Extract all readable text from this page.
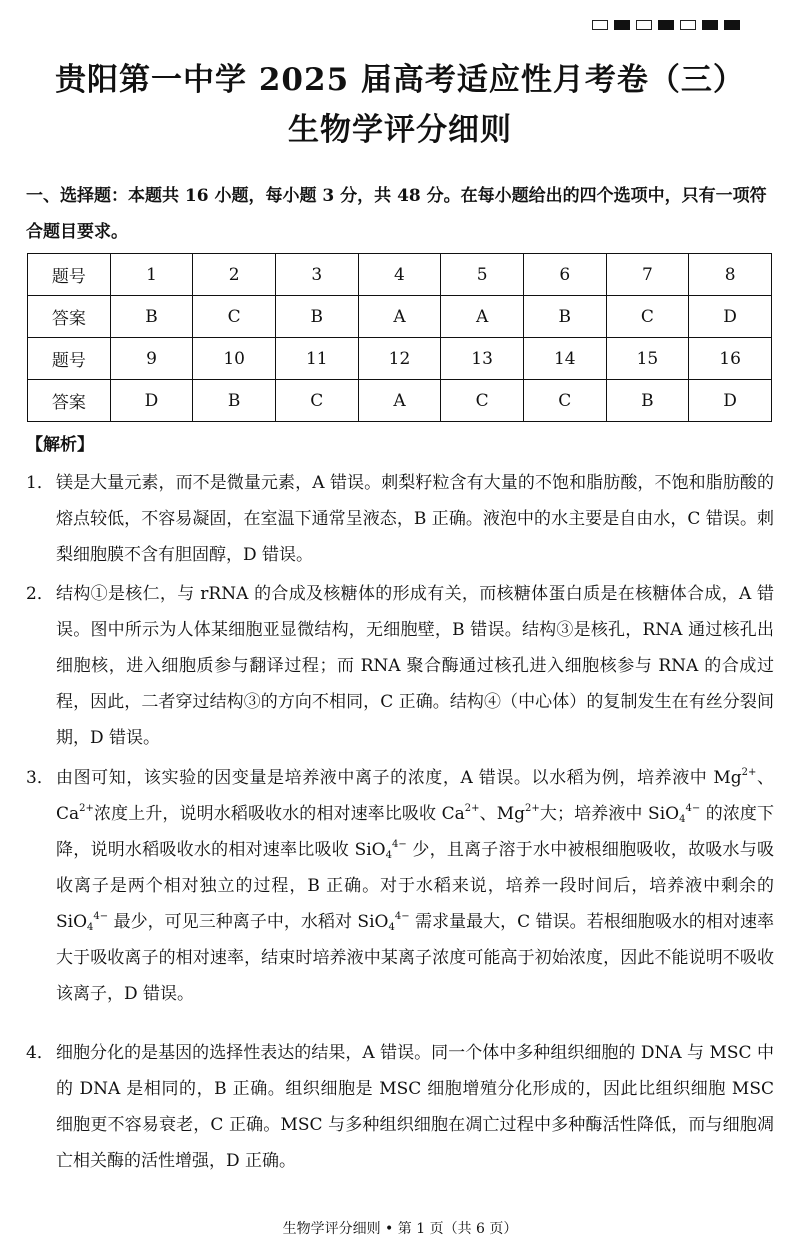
贵阳第一中学 2025 届高考适应性月考卷（三）
生物学评分细则
一、选择题：本题共 16 小题，每小题 3 分，共 48 分。在每小题给出的四个选项中，只有一项符合题目要求。
题号	1	2	3	4	5	6	7	8
答案	B	C	B	A	A	B	C	D
题号	9	10	11	12	13	14	15	16
答案	D	B	C	A	C	C	B	D
【解析】
1． 镁是大量元素，而不是微量元素，A 错误。刺梨籽粒含有大量的不饱和脂肪酸，不饱和脂肪酸的熔点较低，不容易凝固，在室温下通常呈液态，B 正确。液泡中的水主要是自由水，C 错误。刺梨细胞膜不含有胆固醇，D 错误。
2． 结构①是核仁，与 rRNA 的合成及核糖体的形成有关，而核糖体蛋白质是在核糖体合成，A 错误。图中所示为人体某细胞亚显微结构，无细胞壁，B 错误。结构③是核孔，RNA 通过核孔出细胞核，进入细胞质参与翻译过程；而 RNA 聚合酶通过核孔进入细胞核参与 RNA 的合成过程，因此，二者穿过结构③的方向不相同，C 正确。结构④（中心体）的复制发生在有丝分裂间期，D 错误。
3． 由图可知，该实验的因变量是培养液中离子的浓度，A 错误。以水稻为例，培养液中 $Mg^{2+}$、$Ca^{2+}$浓度上升，说明水稻吸收水的相对速率比吸收 $Ca^{2+}$、$Mg^{2+}$大；培养液中 SiO$_4^{4-}$ 的浓度下降，说明水稻吸收水的相对速率比吸收 SiO$_4^{4-}$ 少，且离子溶于水中被根细胞吸收，故吸水与吸收离子是两个相对独立的过程，B 正确。对于水稻来说，培养一段时间后，培养液中剩余的 SiO$_4^{4-}$ 最少，可见三种离子中，水稻对 SiO$_4^{4-}$ 需求量最大，C 错误。若根细胞吸水的相对速率大于吸收离子的相对速率，结束时培养液中某离子浓度可能高于初始浓度，因此不能说明不吸收该离子，D 错误。
4． 细胞分化的是基因的选择性表达的结果，A 错误。同一个体中多种组织细胞的 DNA 与 MSC 中的 DNA 是相同的，B 正确。组织细胞是 MSC 细胞增殖分化形成的，因此比组织细胞 MSC 细胞更不容易衰老，C 正确。MSC 与多种组织细胞在凋亡过程中多种酶活性降低，而与细胞凋亡相关酶的活性增强，D 正确。
生物学评分细则 • 第 1 页（共 6 页）
